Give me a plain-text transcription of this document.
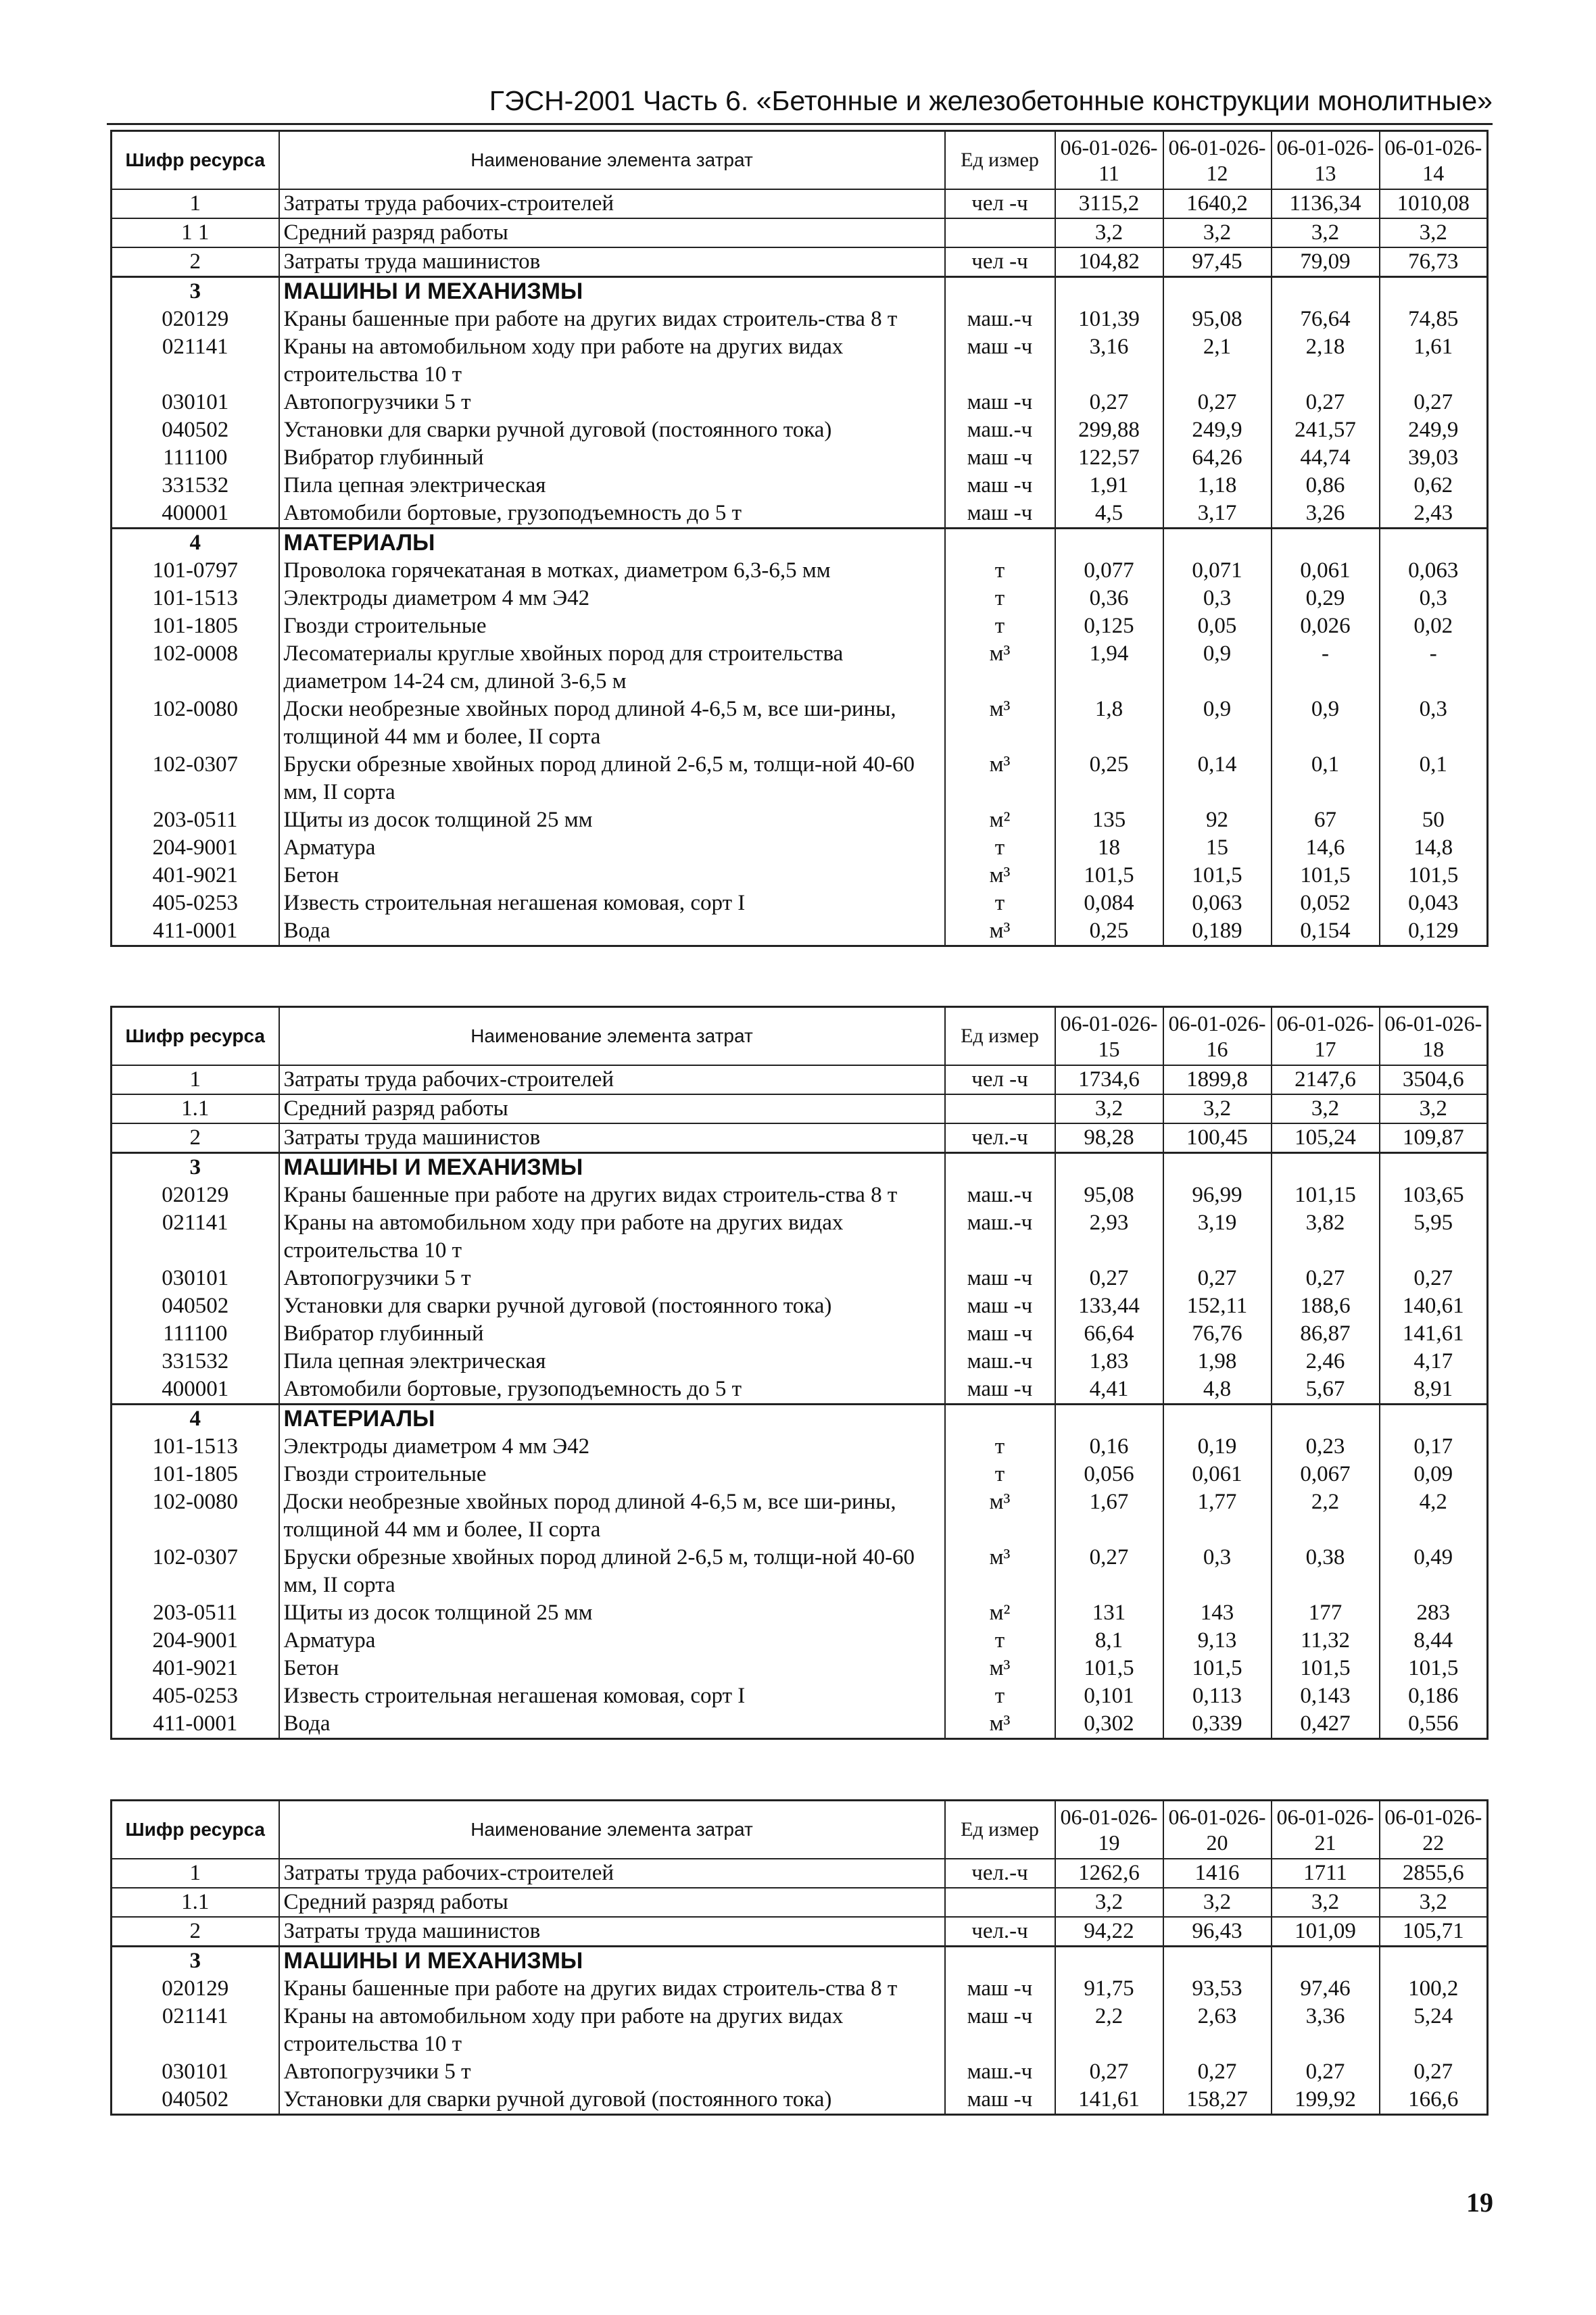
ГЭСН-2001 Часть 6. «Бетонные и железобетонные конструкции монолитные»
Шифр ресурса	Наименование элемента затрат	Ед измер	06-01-026-11	06-01-026-12	06-01-026-13	06-01-026-14
1	Затраты труда рабочих-строителей	чел -ч	3115,2	1640,2	1136,34	1010,08
1 1	Средний разряд работы		3,2	3,2	3,2	3,2
2	Затраты труда машинистов	чел -ч	104,82	97,45	79,09	76,73
3	МАШИНЫ И МЕХАНИЗМЫ					
020129	Краны башенные при работе на других видах строитель-ства 8 т	маш.-ч	101,39	95,08	76,64	74,85
021141	Краны на автомобильном ходу при работе на других видах строительства 10 т	маш -ч	3,16	2,1	2,18	1,61
030101	Автопогрузчики 5 т	маш -ч	0,27	0,27	0,27	0,27
040502	Установки для сварки ручной дуговой (постоянного тока)	маш.-ч	299,88	249,9	241,57	249,9
111100	Вибратор глубинный	маш -ч	122,57	64,26	44,74	39,03
331532	Пила цепная электрическая	маш -ч	1,91	1,18	0,86	0,62
400001	Автомобили бортовые, грузоподъемность до 5 т	маш -ч	4,5	3,17	3,26	2,43
4	МАТЕРИАЛЫ					
101-0797	Проволока горячекатаная в мотках, диаметром 6,3-6,5 мм	т	0,077	0,071	0,061	0,063
101-1513	Электроды диаметром 4 мм Э42	т	0,36	0,3	0,29	0,3
101-1805	Гвозди строительные	т	0,125	0,05	0,026	0,02
102-0008	Лесоматериалы круглые хвойных пород для строительства диаметром 14-24 см, длиной 3-6,5 м	м³	1,94	0,9	-	-
102-0080	Доски необрезные хвойных пород длиной 4-6,5 м, все ши-рины, толщиной 44 мм и более, II сорта	м³	1,8	0,9	0,9	0,3
102-0307	Бруски обрезные хвойных пород длиной 2-6,5 м, толщи-ной 40-60 мм, II сорта	м³	0,25	0,14	0,1	0,1
203-0511	Щиты из досок толщиной 25 мм	м²	135	92	67	50
204-9001	Арматура	т	18	15	14,6	14,8
401-9021	Бетон	м³	101,5	101,5	101,5	101,5
405-0253	Известь строительная негашеная комовая, сорт I	т	0,084	0,063	0,052	0,043
411-0001	Вода	м³	0,25	0,189	0,154	0,129
Шифр ресурса	Наименование элемента затрат	Ед измер	06-01-026-15	06-01-026-16	06-01-026-17	06-01-026-18
1	Затраты труда рабочих-строителей	чел -ч	1734,6	1899,8	2147,6	3504,6
1.1	Средний разряд работы		3,2	3,2	3,2	3,2
2	Затраты труда машинистов	чел.-ч	98,28	100,45	105,24	109,87
3	МАШИНЫ И МЕХАНИЗМЫ					
020129	Краны башенные при работе на других видах строитель-ства 8 т	маш.-ч	95,08	96,99	101,15	103,65
021141	Краны на автомобильном ходу при работе на других видах строительства 10 т	маш.-ч	2,93	3,19	3,82	5,95
030101	Автопогрузчики 5 т	маш -ч	0,27	0,27	0,27	0,27
040502	Установки для сварки ручной дуговой (постоянного тока)	маш -ч	133,44	152,11	188,6	140,61
111100	Вибратор глубинный	маш -ч	66,64	76,76	86,87	141,61
331532	Пила цепная электрическая	маш.-ч	1,83	1,98	2,46	4,17
400001	Автомобили бортовые, грузоподъемность до 5 т	маш -ч	4,41	4,8	5,67	8,91
4	МАТЕРИАЛЫ					
101-1513	Электроды диаметром 4 мм Э42	т	0,16	0,19	0,23	0,17
101-1805	Гвозди строительные	т	0,056	0,061	0,067	0,09
102-0080	Доски необрезные хвойных пород длиной 4-6,5 м, все ши-рины, толщиной 44 мм и более, II сорта	м³	1,67	1,77	2,2	4,2
102-0307	Бруски обрезные хвойных пород длиной 2-6,5 м, толщи-ной 40-60 мм, II сорта	м³	0,27	0,3	0,38	0,49
203-0511	Щиты из досок толщиной 25 мм	м²	131	143	177	283
204-9001	Арматура	т	8,1	9,13	11,32	8,44
401-9021	Бетон	м³	101,5	101,5	101,5	101,5
405-0253	Известь строительная негашеная комовая, сорт I	т	0,101	0,113	0,143	0,186
411-0001	Вода	м³	0,302	0,339	0,427	0,556
Шифр ресурса	Наименование элемента затрат	Ед измер	06-01-026-19	06-01-026-20	06-01-026-21	06-01-026-22
1	Затраты труда рабочих-строителей	чел.-ч	1262,6	1416	1711	2855,6
1.1	Средний разряд работы		3,2	3,2	3,2	3,2
2	Затраты труда машинистов	чел.-ч	94,22	96,43	101,09	105,71
3	МАШИНЫ И МЕХАНИЗМЫ					
020129	Краны башенные при работе на других видах строитель-ства 8 т	маш -ч	91,75	93,53	97,46	100,2
021141	Краны на автомобильном ходу при работе на других видах строительства 10 т	маш -ч	2,2	2,63	3,36	5,24
030101	Автопогрузчики 5 т	маш.-ч	0,27	0,27	0,27	0,27
040502	Установки для сварки ручной дуговой (постоянного тока)	маш -ч	141,61	158,27	199,92	166,6
19
